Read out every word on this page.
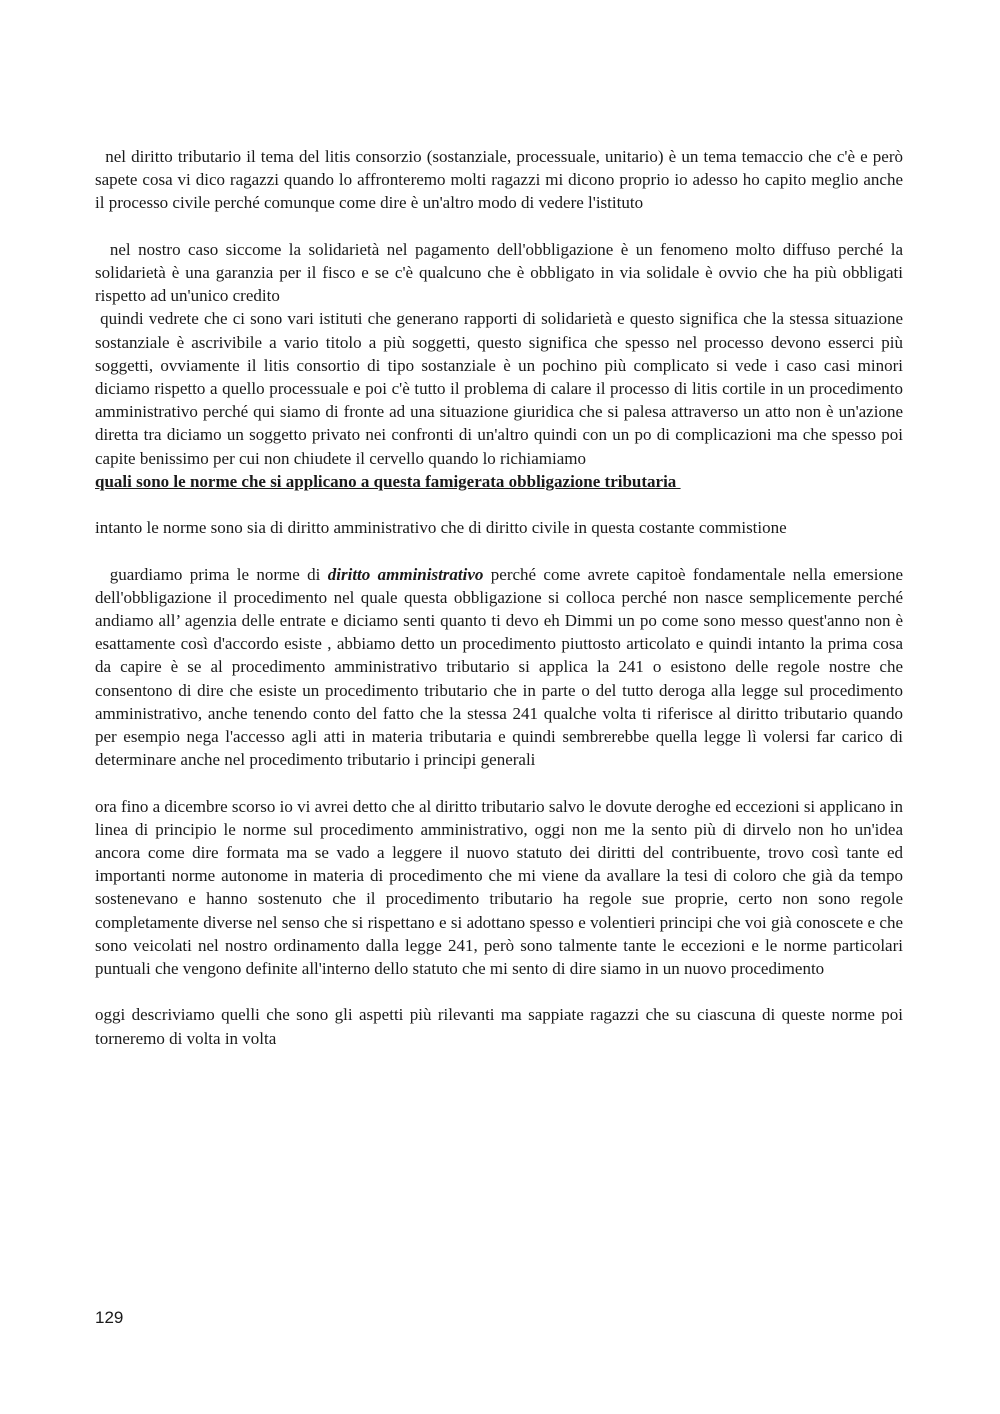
nel diritto tributario il tema del litis consorzio (sostanziale, processuale, unitario) è un tema temaccio che c'è e però sapete cosa vi dico ragazzi quando lo affronteremo molti ragazzi mi dicono proprio io adesso ho capito meglio anche il processo civile perché comunque come dire è un'altro modo di vedere l'istituto

nel nostro caso siccome la solidarietà nel pagamento dell'obbligazione è un fenomeno molto diffuso perché la solidarietà è una garanzia per il fisco e se c'è qualcuno che è obbligato in via solidale è ovvio che ha più obbligati rispetto ad un'unico credito

quindi vedrete che ci sono vari istituti che generano rapporti di solidarietà e questo significa che la stessa situazione sostanziale è ascrivibile a vario titolo a più soggetti, questo significa che spesso nel processo devono esserci più soggetti, ovviamente il litis consortio di tipo sostanziale è un pochino più complicato si vede i caso casi minori diciamo rispetto a quello processuale e poi c'è tutto il problema di calare il processo di litis cortile in un procedimento amministrativo perché qui siamo di fronte ad una situazione giuridica che si palesa attraverso un atto non è un'azione diretta tra diciamo un soggetto privato nei confronti di un'altro quindi con un po di complicazioni ma che spesso poi capite benissimo per cui non chiudete il cervello quando lo richiamiamo

quali sono le norme che si applicano a questa famigerata obbligazione tributaria

intanto le norme sono sia di diritto amministrativo che di diritto civile in questa costante commistione

guardiamo prima le norme di diritto amministrativo perché come avrete capitoè fondamentale nella emersione dell'obbligazione il procedimento nel quale questa obbligazione si colloca perché non nasce semplicemente perché andiamo all’ agenzia delle entrate e diciamo senti quanto ti devo eh Dimmi un po come sono messo quest'anno non è esattamente così d'accordo esiste , abbiamo detto un procedimento piuttosto articolato e quindi intanto la prima cosa da capire è se al procedimento amministrativo tributario si applica la 241 o esistono delle regole nostre che consentono di dire che esiste un procedimento tributario che in parte o del tutto deroga alla legge sul procedimento amministrativo, anche tenendo conto del fatto che la stessa 241 qualche volta ti riferisce al diritto tributario quando per esempio nega l'accesso agli atti in materia tributaria e quindi sembrerebbe quella legge lì volersi far carico di determinare anche nel procedimento tributario i principi generali

ora fino a dicembre scorso io vi avrei detto che al diritto tributario salvo le dovute deroghe ed eccezioni si applicano in linea di principio le norme sul procedimento amministrativo, oggi non me la sento più di dirvelo non ho un'idea ancora come dire formata ma se vado a leggere il nuovo statuto dei diritti del contribuente, trovo così tante ed importanti norme autonome in materia di procedimento che mi viene da avallare la tesi di coloro che già da tempo sostenevano e hanno sostenuto che il procedimento tributario ha regole sue proprie, certo non sono regole completamente diverse nel senso che si rispettano e si adottano spesso e volentieri principi che voi già conoscete e che sono veicolati nel nostro ordinamento dalla legge 241, però sono talmente tante le eccezioni e le norme particolari puntuali che vengono definite all'interno dello statuto che mi sento di dire siamo in un nuovo procedimento

oggi descriviamo quelli che sono gli aspetti più rilevanti ma sappiate ragazzi che su ciascuna di queste norme poi torneremo di volta in volta

129
